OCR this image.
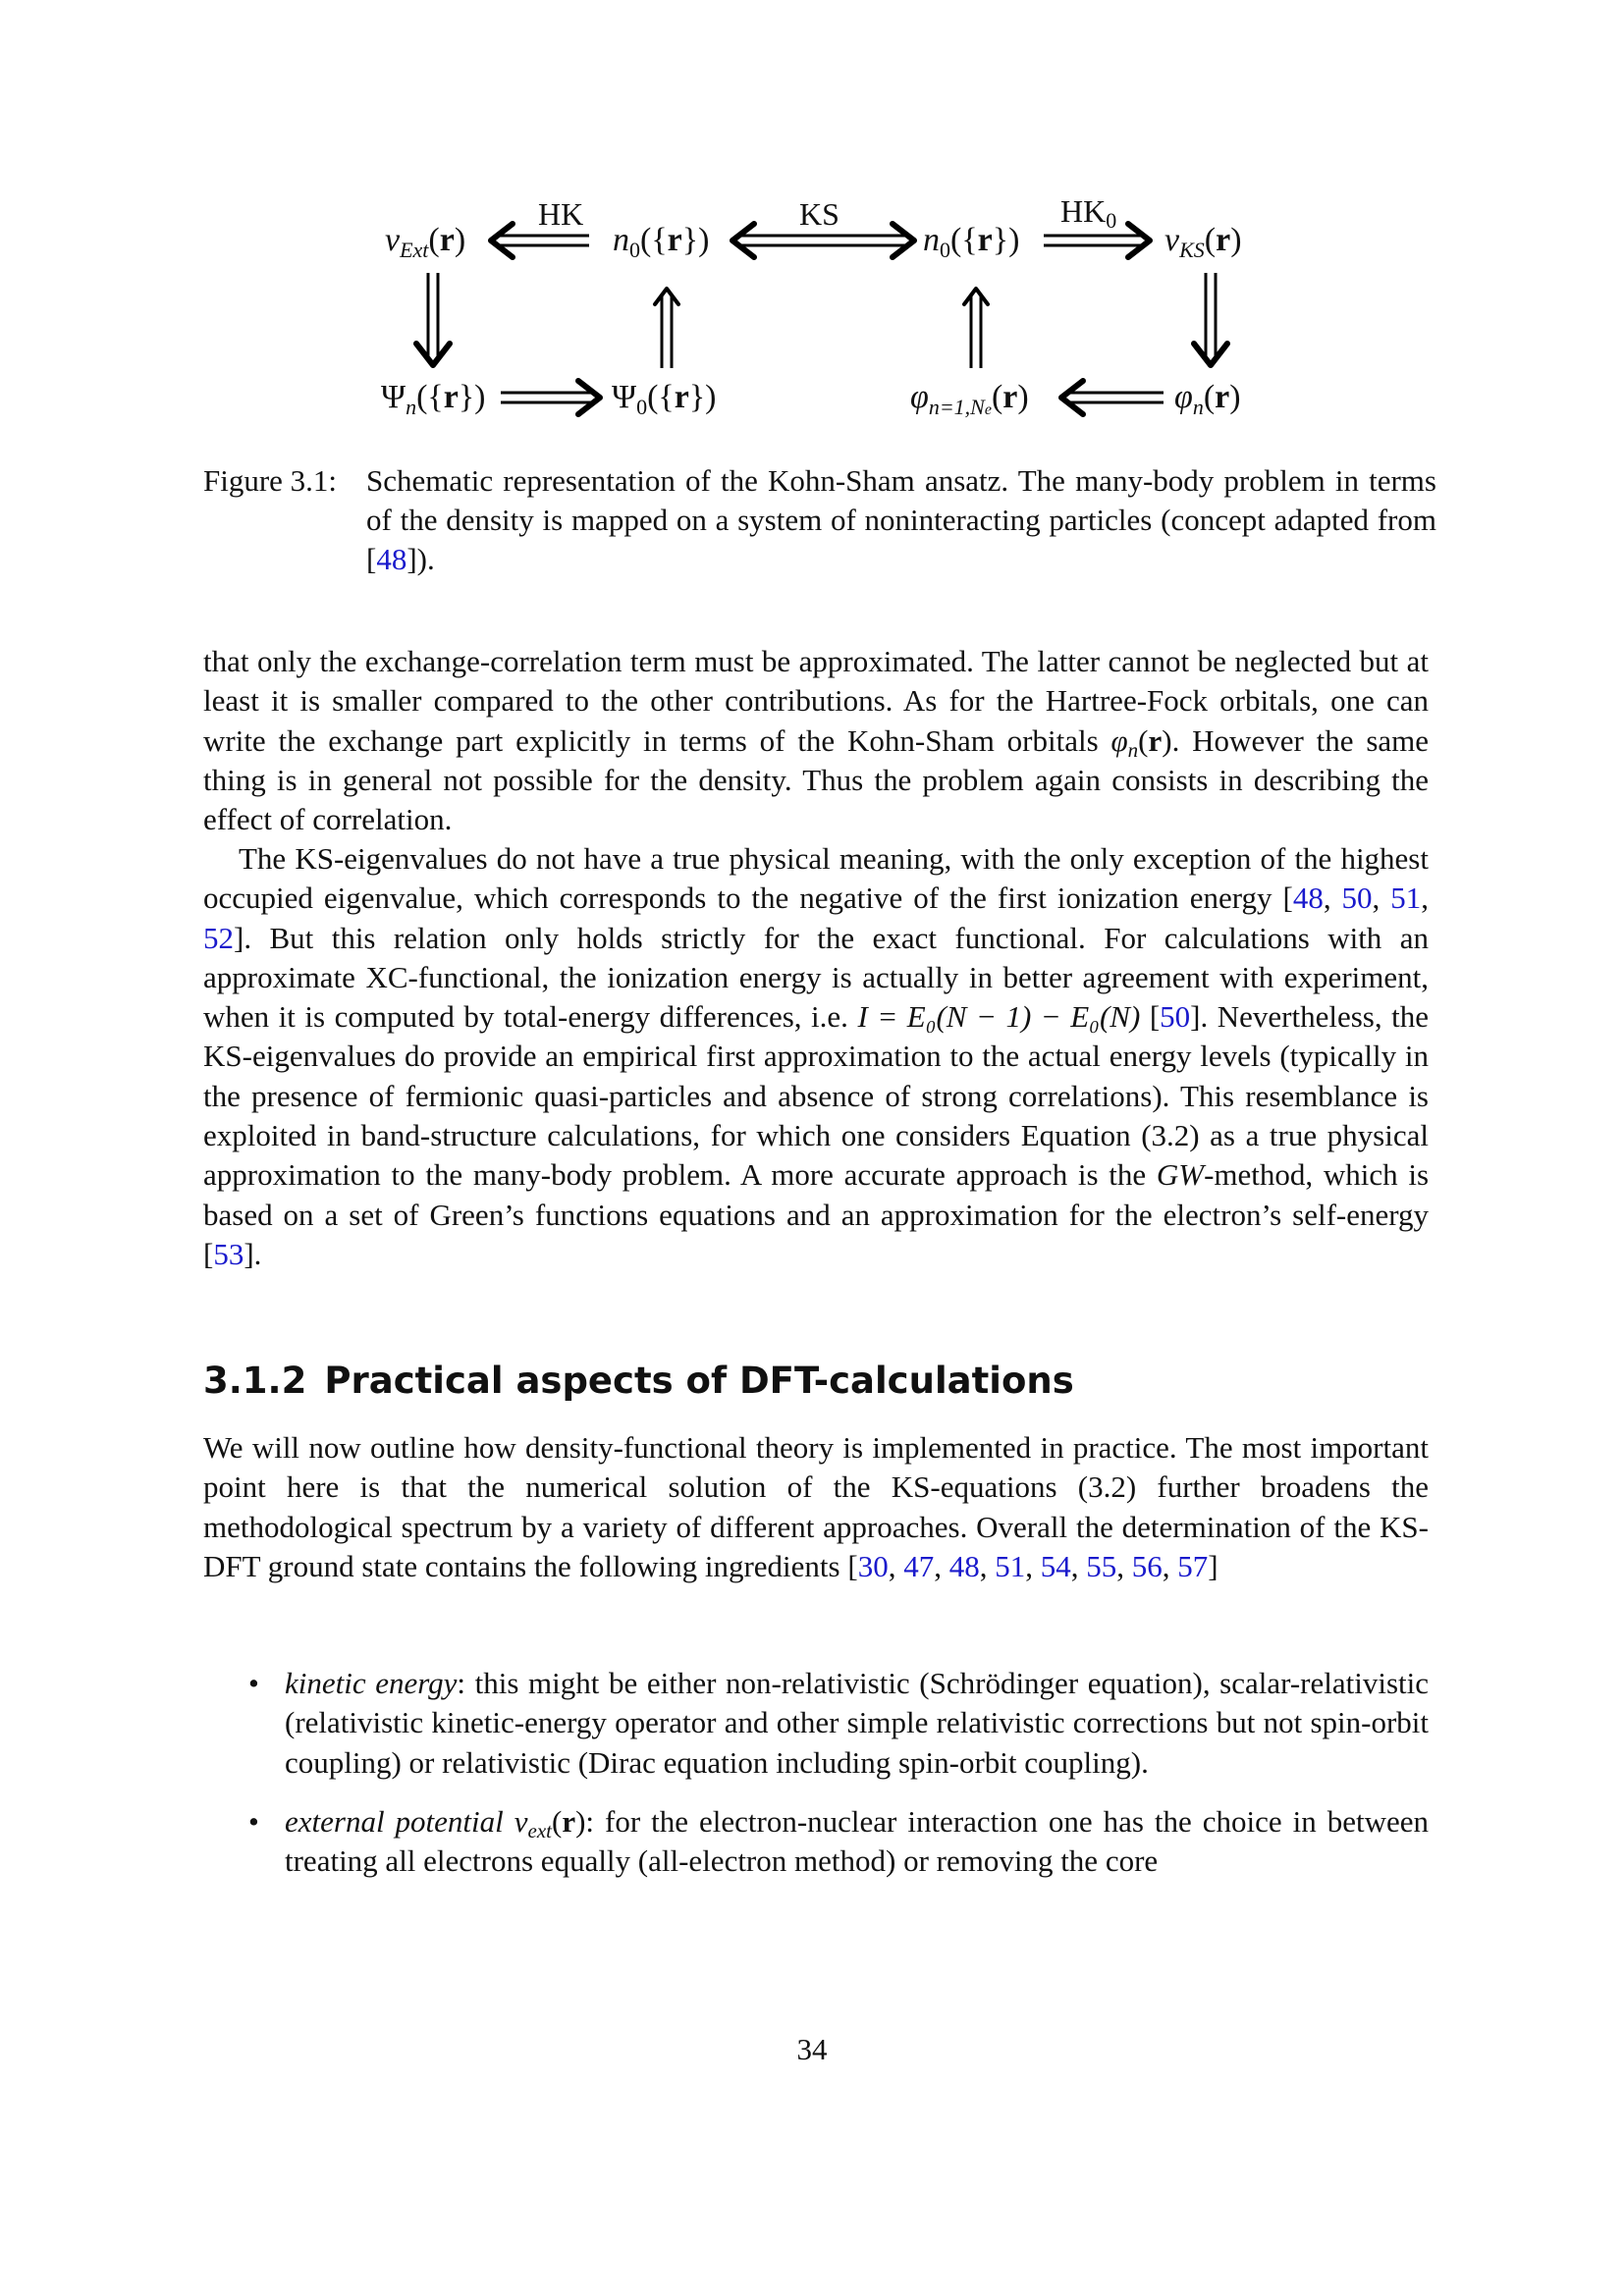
HK	KS	$HK_0$
$v_{Ext}(r)$	$n_0(\{r\})$	$n_0(\{r\})$	$v_{KS}(r)$
$\Psi_n(\{r\})$	$\Psi_0(\{r\})$	$\varphi_{n=1,Ne}(r)$	$\varphi_n(r)$
Figure 3.1: Schematic representation of the Kohn-Sham ansatz. The many-body problem in terms of the density is mapped on a system of noninteracting particles (concept adapted from [48]).

that only the exchange-correlation term must be approximated. The latter cannot be neglected but at least it is smaller compared to the other contributions. As for the Hartree-Fock orbitals, one can write the exchange part explicitly in terms of the Kohn-Sham orbitals $\varphi_n(r)$. However the same thing is in general not possible for the density. Thus the problem again consists in describing the effect of correlation.

The KS-eigenvalues do not have a true physical meaning, with the only exception of the highest occupied eigenvalue, which corresponds to the negative of the first ionization energy [48, 50, 51, 52]. But this relation only holds strictly for the exact functional. For calculations with an approximate XC-functional, the ionization energy is actually in better agreement with experiment, when it is computed by total-energy differences, i.e. I = E₀(N − 1) − E₀(N) [50]. Nevertheless, the KS-eigenvalues do provide an empirical first approximation to the actual energy levels (typically in the presence of fermionic quasi-particles and absence of strong correlations). This resemblance is exploited in band-structure calculations, for which one considers Equation (3.2) as a true physical approximation to the many-body problem. A more accurate approach is the GW-method, which is based on a set of Green’s functions equations and an approximation for the electron’s self-energy [53].

3.1.2 Practical aspects of DFT-calculations

We will now outline how density-functional theory is implemented in practice. The most important point here is that the numerical solution of the KS-equations (3.2) further broadens the methodological spectrum by a variety of different approaches. Overall the determination of the KS-DFT ground state contains the following ingredients [30, 47, 48, 51, 54, 55, 56, 57]

• kinetic energy: this might be either non-relativistic (Schrödinger equation), scalar-relativistic (relativistic kinetic-energy operator and other simple relativistic corrections but not spin-orbit coupling) or relativistic (Dirac equation including spin-orbit coupling).
• external potential $v_{ext}(r)$: for the electron-nuclear interaction one has the choice in between treating all electrons equally (all-electron method) or removing the core
34
